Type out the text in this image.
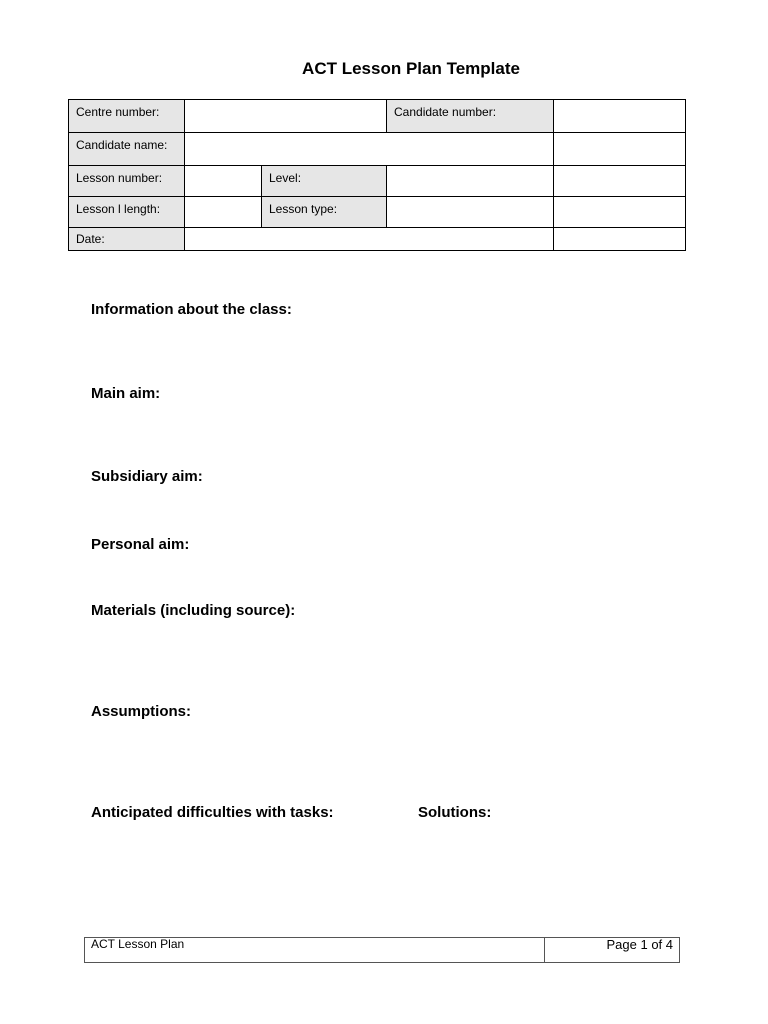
ACT Lesson Plan Template
Centre number:			Candidate number:	

Candidate name:				

Lesson number:		Level:		

Lesson l length:		Lesson type:		

Date:				

Information about the class:
Main aim:
Subsidiary aim:
Personal aim:
Materials (including source):
Assumptions:
Anticipated difficulties with tasks:	Solutions:
ACT Lesson Plan	Page 1 of 4
